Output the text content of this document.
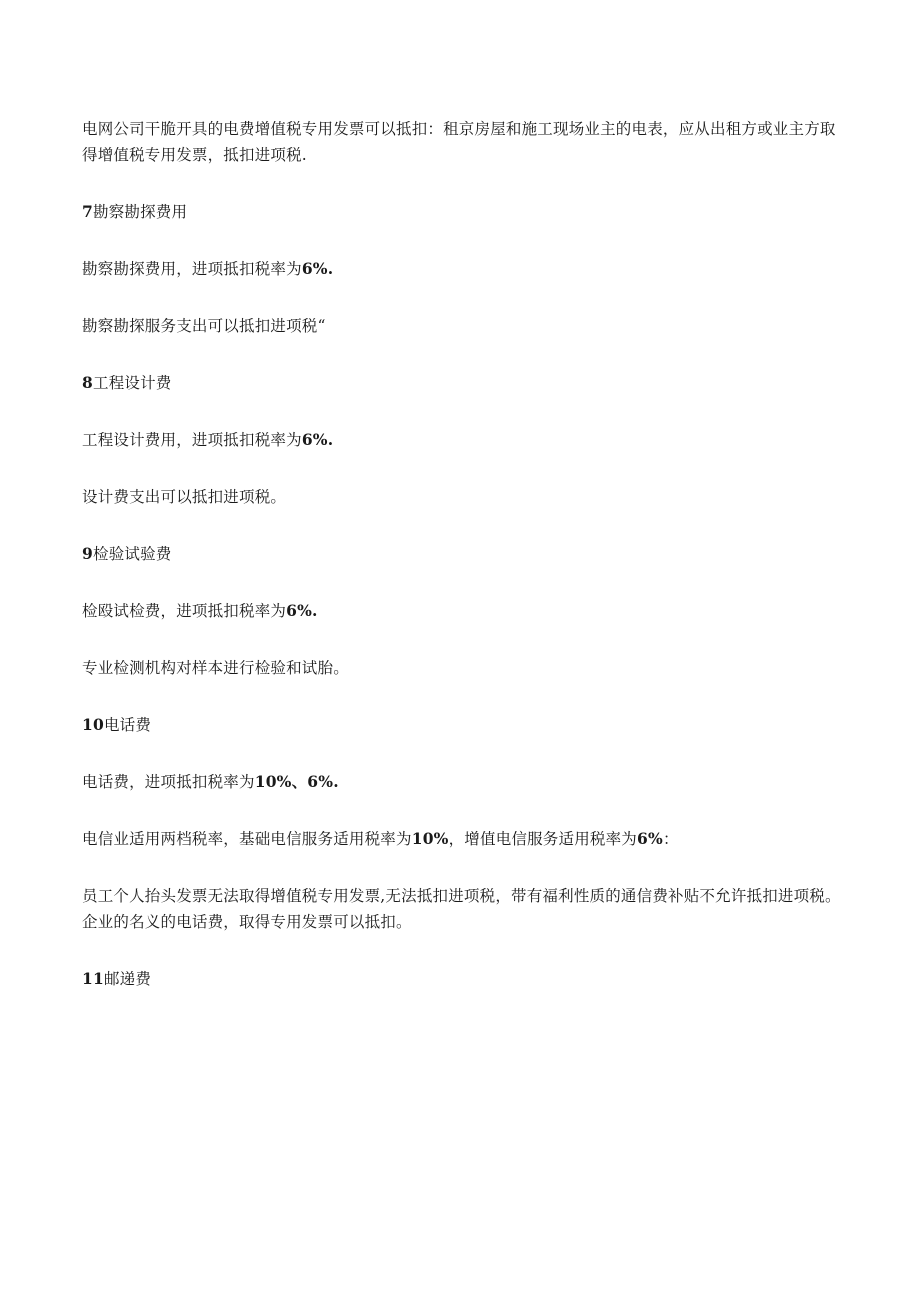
电网公司干脆开具的电费增值税专用发票可以抵扣：租京房屋和施工现场业主的电表，应从出租方或业主方取得增值税专用发票，抵扣进项税.

7勘察勘探费用

勘察勘探费用，进项抵扣税率为6%.

勘察勘探服务支出可以抵扣进项税“

8工程设计费

工程设计费用，进项抵扣税率为6%.

设计费支出可以抵扣进项税。

9检验试验费

检殴试检费，进项抵扣税率为6%.

专业检测机构对样本进行检验和试胎。

10电话费

电话费，进项抵扣税率为10%、6%.

电信业适用两档税率，基础电信服务适用税率为10%，增值电信服务适用税率为6%：

员工个人抬头发票无法取得增值税专用发票,无法抵扣进项税，带有福利性质的通信费补贴不允许抵扣进项税。企业的名义的电话费，取得专用发票可以抵扣。

11邮递费
